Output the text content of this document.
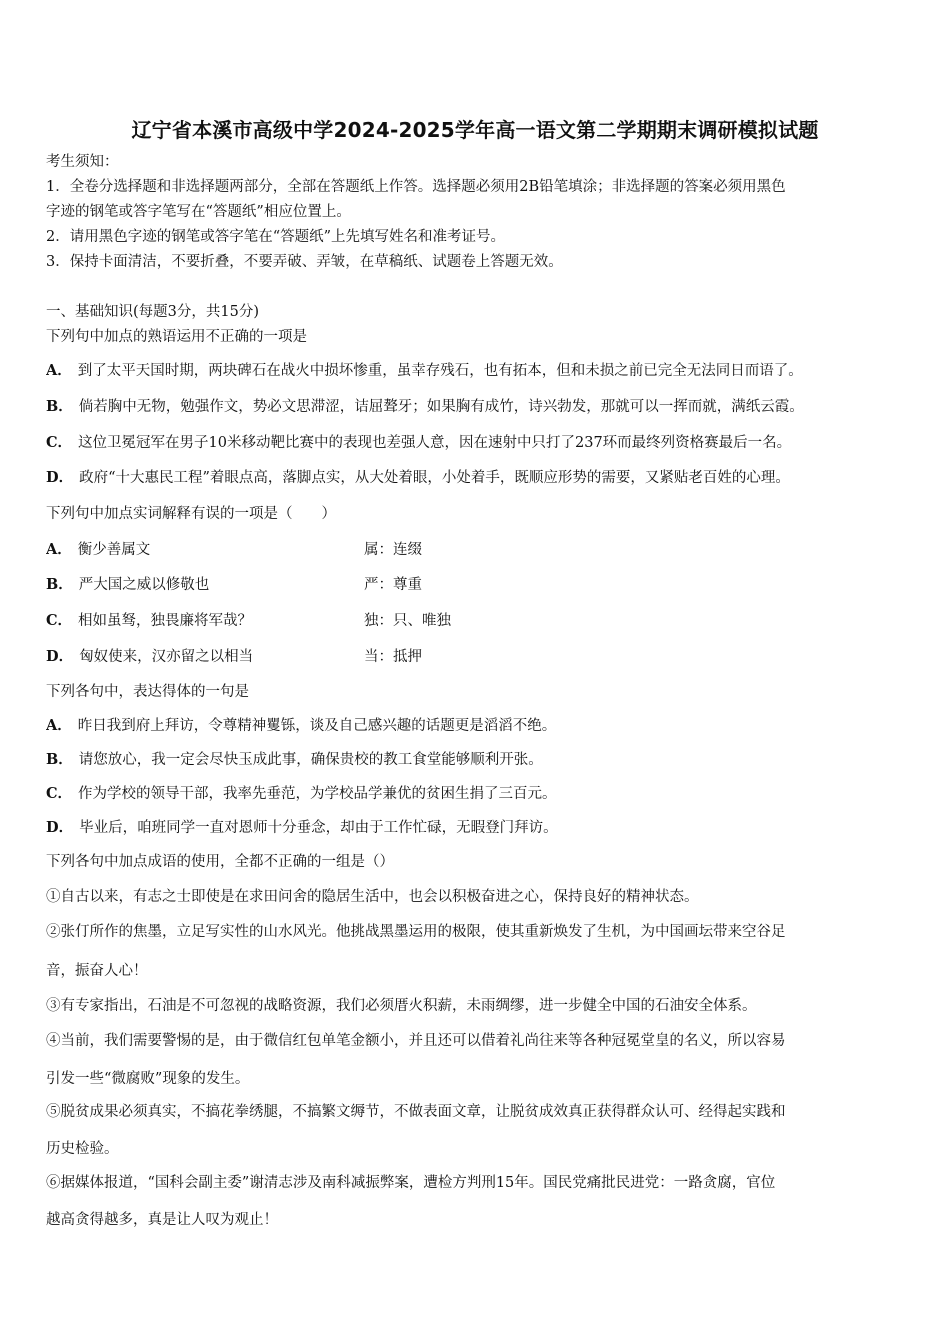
辽宁省本溪市高级中学2024-2025学年高一语文第二学期期末调研模拟试题
考生须知：
1．全卷分选择题和非选择题两部分，全部在答题纸上作答。选择题必须用2B铅笔填涂；非选择题的答案必须用黑色
字迹的钢笔或答字笔写在“答题纸”相应位置上。
2．请用黑色字迹的钢笔或答字笔在“答题纸”上先填写姓名和准考证号。
3．保持卡面清洁，不要折叠，不要弄破、弄皱，在草稿纸、试题卷上答题无效。
一、基础知识(每题3分，共15分)
下列句中加点的熟语运用不正确的一项是
A． 到了太平天国时期，两块碑石在战火中损坏惨重，虽幸存残石，也有拓本，但和未损之前已完全无法同日而语了。
B． 倘若胸中无物，勉强作文，势必文思滞涩，诘屈聱牙；如果胸有成竹，诗兴勃发，那就可以一挥而就，满纸云霞。
C． 这位卫冕冠军在男子10米移动靶比赛中的表现也差强人意，因在速射中只打了237环而最终列资格赛最后一名。
D． 政府“十大惠民工程”着眼点高，落脚点实，从大处着眼，小处着手，既顺应形势的需要，又紧贴老百姓的心理。
下列句中加点实词解释有误的一项是（　　）
A． 衡少善属文	属：连缀
B． 严大国之威以修敬也	严：尊重
C． 相如虽驽，独畏廉将军哉？	独：只、唯独
D． 匈奴使来，汉亦留之以相当	当：抵押
下列各句中，表达得体的一句是
A． 昨日我到府上拜访，令尊精神矍铄，谈及自己感兴趣的话题更是滔滔不绝。
B． 请您放心，我一定会尽快玉成此事，确保贵校的教工食堂能够顺利开张。
C． 作为学校的领导干部，我率先垂范，为学校品学兼优的贫困生捐了三百元。
D． 毕业后，咱班同学一直对恩师十分垂念，却由于工作忙碌，无暇登门拜访。
下列各句中加点成语的使用，全都不正确的一组是（）
①自古以来，有志之士即使是在求田问舍的隐居生活中，也会以积极奋进之心，保持良好的精神状态。
②张仃所作的焦墨，立足写实性的山水风光。他挑战黑墨运用的极限，使其重新焕发了生机，为中国画坛带来空谷足
音，振奋人心！
③有专家指出，石油是不可忽视的战略资源，我们必须厝火积薪，未雨绸缪，进一步健全中国的石油安全体系。
④当前，我们需要警惕的是，由于微信红包单笔金额小，并且还可以借着礼尚往来等各种冠冕堂皇的名义，所以容易
引发一些“微腐败”现象的发生。
⑤脱贫成果必须真实，不搞花拳绣腿，不搞繁文缛节，不做表面文章，让脱贫成效真正获得群众认可、经得起实践和
历史检验。
⑥据媒体报道，“国科会副主委”谢清志涉及南科减振弊案，遭检方判刑15年。国民党痛批民进党：一路贪腐，官位
越高贪得越多，真是让人叹为观止！
